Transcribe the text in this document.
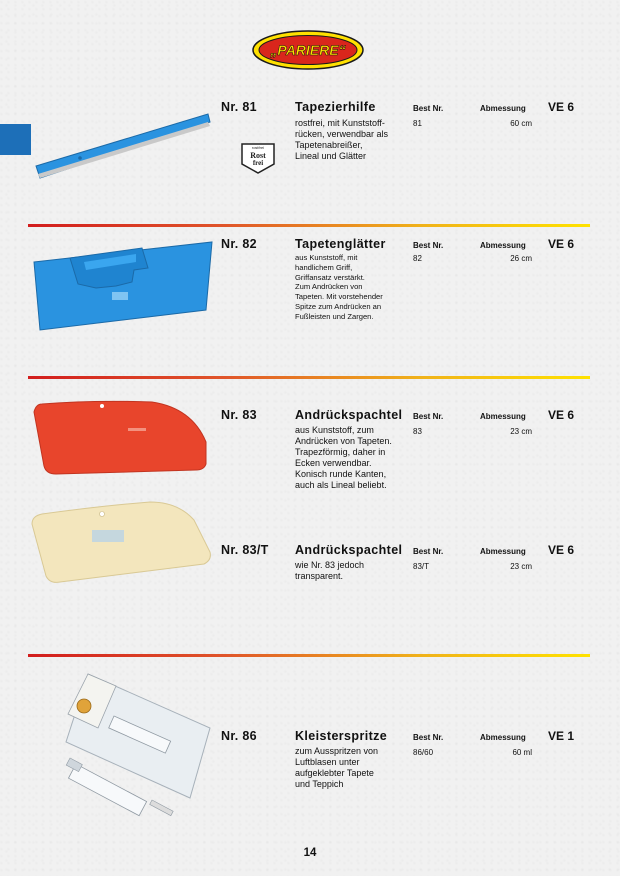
„PARIERE“
rostfrei
Rost
frei
Nr. 81	Tapezierhilfe	Best Nr.	Abmessung VE 6
rostfrei, mit Kunststoff-
rücken, verwendbar als
Tapetenabreißer,
Lineal und Glätter
81	60 cm
Nr. 82	Tapetenglätter	Best Nr.	Abmessung VE 6
aus Kunststoff, mit
handlichem Griff,
Griffansatz verstärkt.
Zum Andrücken von
Tapeten. Mit vorstehender
Spitze zum Andrücken an
Fußleisten und Zargen.
82	26 cm
Nr. 83	Andrückspachtel Best Nr.	Abmessung VE 6
aus Kunststoff, zum
Andrücken von Tapeten.
Trapezförmig, daher in
Ecken verwendbar.
Konisch runde Kanten,
auch als Lineal beliebt.
83	23 cm
Nr. 83/T Andrückspachtel Best Nr.	Abmessung VE 6
wie Nr. 83 jedoch
transparent.
83/T	23 cm
Nr. 86	Kleisterspritze	Best Nr.	Abmessung VE 1
zum Ausspritzen von
Luftblasen unter
aufgeklebter Tapete
und Teppich
86/60	60 ml
14
